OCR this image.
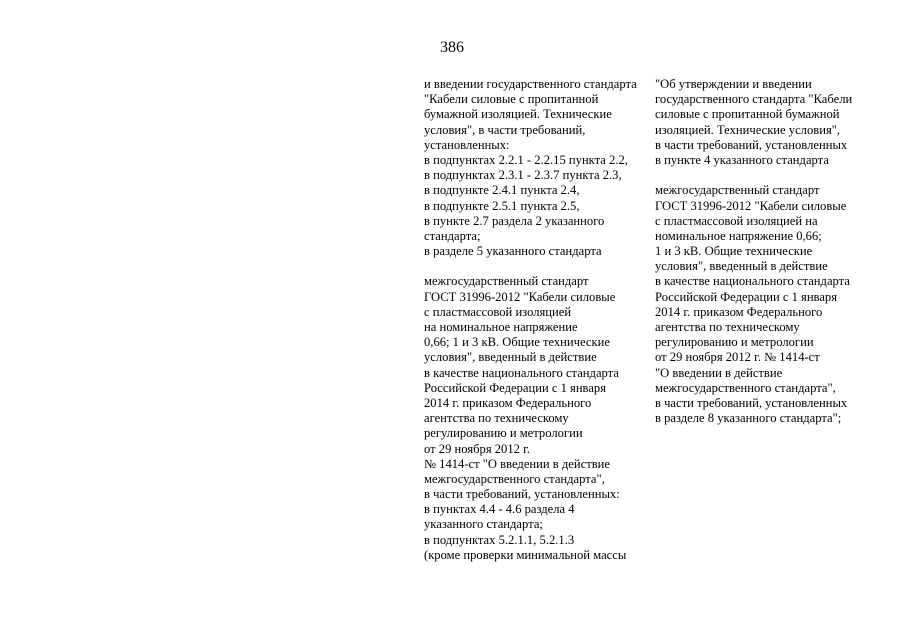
386
и введении государственного стандарта
"Кабели силовые с пропитанной
бумажной изоляцией. Технические
условия", в части требований,
установленных:
в подпунктах 2.2.1 - 2.2.15 пункта 2.2,
в подпунктах 2.3.1 - 2.3.7 пункта 2.3,
в подпункте 2.4.1 пункта 2.4,
в подпункте 2.5.1 пункта 2.5,
в пункте 2.7 раздела 2 указанного
стандарта;
в разделе 5 указанного стандарта
межгосударственный стандарт
ГОСТ 31996-2012 "Кабели силовые
с пластмассовой изоляцией
на номинальное напряжение
0,66; 1 и 3 кВ. Общие технические
условия", введенный в действие
в качестве национального стандарта
Российской Федерации с 1 января
2014 г. приказом Федерального
агентства по техническому
регулированию и метрологии
от 29 ноября 2012 г.
№ 1414-ст "О введении в действие
межгосударственного стандарта",
в части требований, установленных:
в пунктах 4.4 - 4.6 раздела 4
указанного стандарта;
в подпунктах 5.2.1.1, 5.2.1.3
(кроме проверки минимальной массы
"Об утверждении и введении
государственного стандарта "Кабели
силовые с пропитанной бумажной
изоляцией. Технические условия",
в части требований, установленных
в пункте 4 указанного стандарта
межгосударственный стандарт
ГОСТ 31996-2012 "Кабели силовые
с пластмассовой изоляцией на
номинальное напряжение 0,66;
1 и 3 кВ. Общие технические
условия", введенный в действие
в качестве национального стандарта
Российской Федерации с 1 января
2014 г. приказом Федерального
агентства по техническому
регулированию и метрологии
от 29 ноября 2012 г. № 1414-ст
"О введении в действие
межгосударственного стандарта",
в части требований, установленных
в разделе 8 указанного стандарта";
